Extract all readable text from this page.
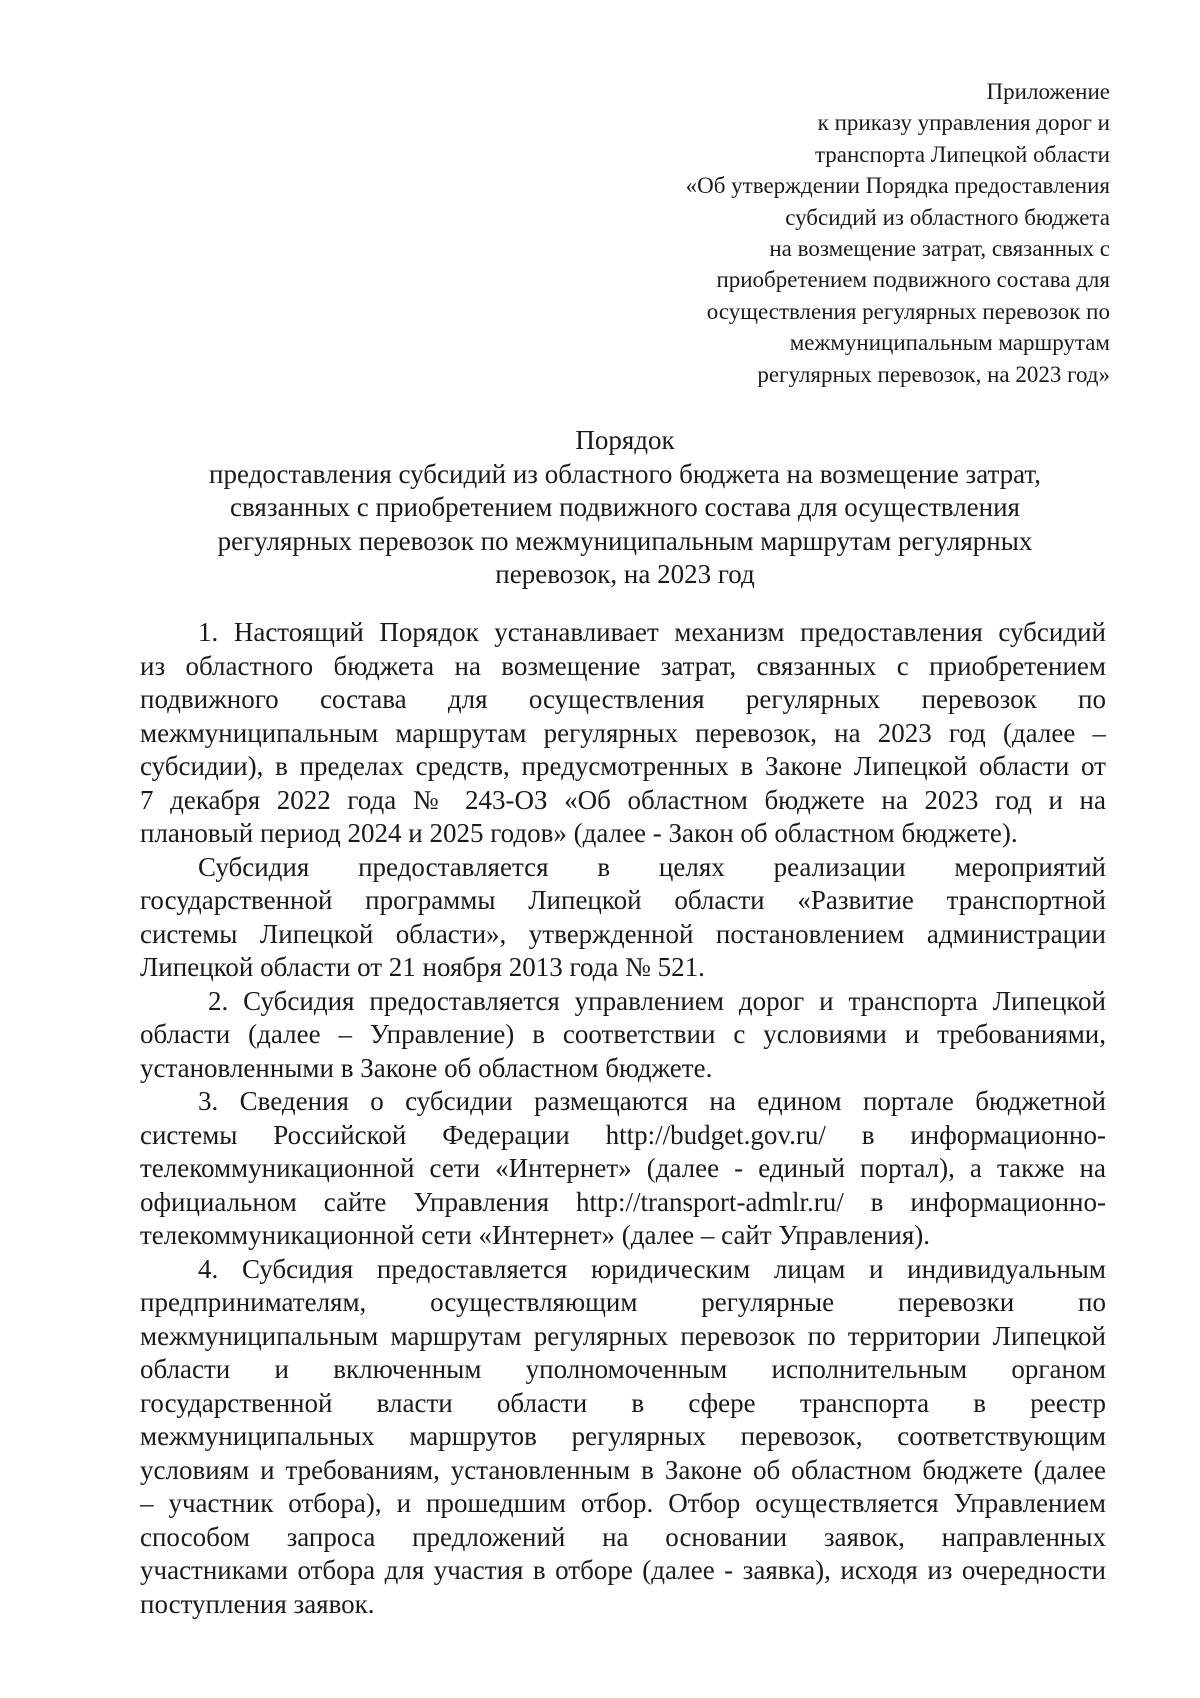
Приложение
к приказу управления дорог и
транспорта Липецкой области
«Об утверждении Порядка предоставления
субсидий из областного бюджета
на возмещение затрат, связанных с
приобретением подвижного состава для
осуществления регулярных перевозок по
межмуниципальным маршрутам
регулярных перевозок, на 2023 год»
Порядок
предоставления субсидий из областного бюджета на возмещение затрат,
связанных с приобретением подвижного состава для осуществления
регулярных перевозок по межмуниципальным маршрутам регулярных
перевозок, на 2023 год
1. Настоящий Порядок устанавливает механизм предоставления субсидий
из областного бюджета на возмещение затрат, связанных с приобретением
подвижного состава для осуществления регулярных перевозок по
межмуниципальным маршрутам регулярных перевозок, на 2023 год (далее –
субсидии), в пределах средств, предусмотренных в Законе Липецкой области от
7 декабря 2022 года № 243-ОЗ «Об областном бюджете на 2023 год и на
плановый период 2024 и 2025 годов» (далее - Закон об областном бюджете).
Субсидия предоставляется в целях реализации мероприятий
государственной программы Липецкой области «Развитие транспортной
системы Липецкой области», утвержденной постановлением администрации
Липецкой области от 21 ноября 2013 года № 521.
2. Субсидия предоставляется управлением дорог и транспорта Липецкой
области (далее – Управление) в соответствии с условиями и требованиями,
установленными в Законе об областном бюджете.
3. Сведения о субсидии размещаются на едином портале бюджетной
системы Российской Федерации http://budget.gov.ru/ в информационно-
телекоммуникационной сети «Интернет» (далее - единый портал), а также на
официальном сайте Управления http://transport-admlr.ru/ в информационно-
телекоммуникационной сети «Интернет» (далее – сайт Управления).
4. Субсидия предоставляется юридическим лицам и индивидуальным
предпринимателям, осуществляющим регулярные перевозки по
межмуниципальным маршрутам регулярных перевозок по территории Липецкой
области и включенным уполномоченным исполнительным органом
государственной власти области в сфере транспорта в реестр
межмуниципальных маршрутов регулярных перевозок, соответствующим
условиям и требованиям, установленным в Законе об областном бюджете (далее
– участник отбора), и прошедшим отбор. Отбор осуществляется Управлением
способом запроса предложений на основании заявок, направленных
участниками отбора для участия в отборе (далее - заявка), исходя из очередности
поступления заявок.
